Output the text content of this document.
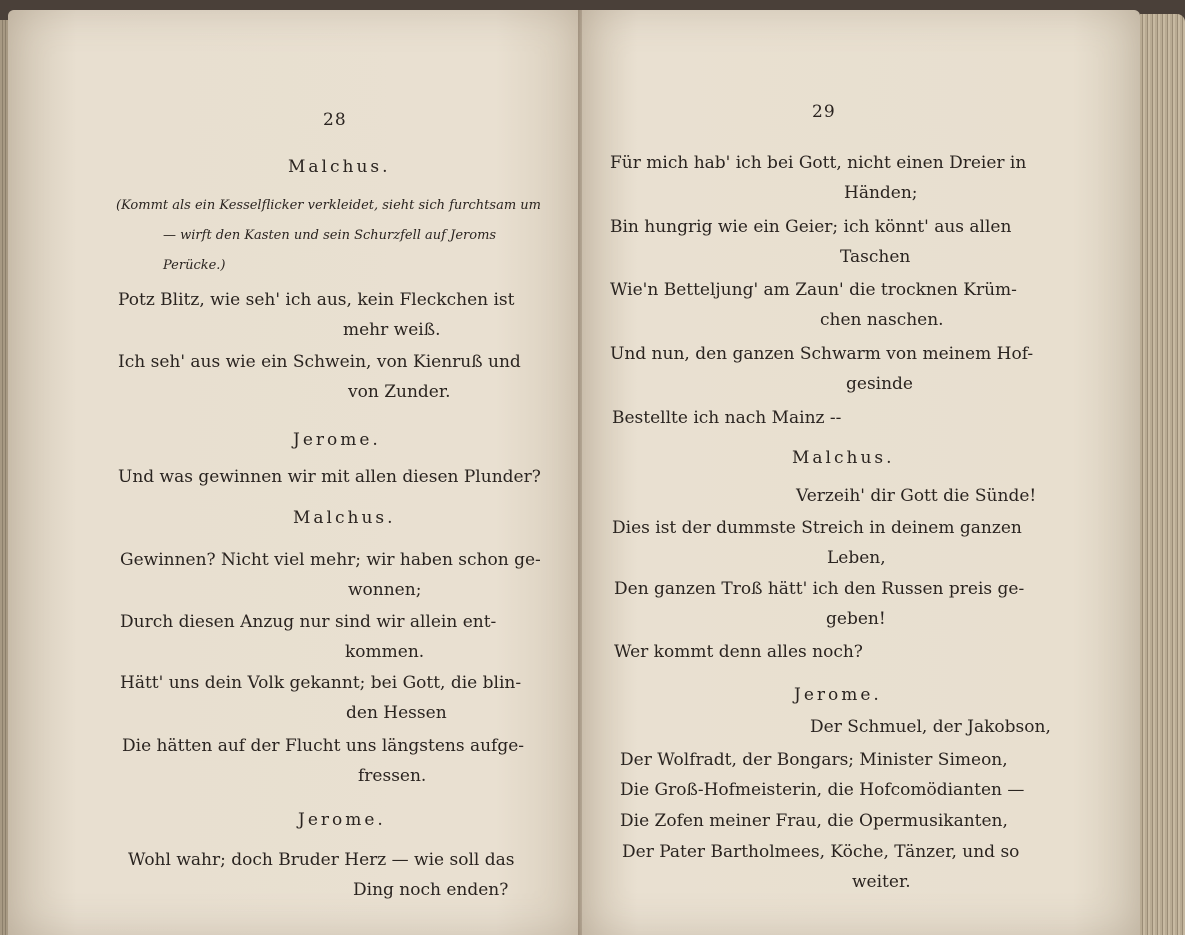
28
Malchus.
(Kommt als ein Kesselflicker verkleidet, sieht sich furchtsam um
— wirft den Kasten und sein Schurzfell auf Jeroms
Perücke.)
Potz Blitz, wie seh' ich aus, kein Fleckchen ist
mehr weiß.
Ich seh' aus wie ein Schwein, von Kienruß und
von Zunder.
Jerome.
Und was gewinnen wir mit allen diesen Plunder?
Malchus.
Gewinnen? Nicht viel mehr; wir haben schon ge-
wonnen;
Durch diesen Anzug nur sind wir allein ent-
kommen.
Hätt' uns dein Volk gekannt; bei Gott, die blin-
den Hessen
Die hätten auf der Flucht uns längstens aufge-
fressen.
Jerome.
Wohl wahr; doch Bruder Herz — wie soll das
Ding noch enden?
29
Für mich hab' ich bei Gott, nicht einen Dreier in
Händen;
Bin hungrig wie ein Geier; ich könnt' aus allen
Taschen
Wie'n Betteljung' am Zaun' die trocknen Krüm-
chen naschen.
Und nun, den ganzen Schwarm von meinem Hof-
gesinde
Bestellte ich nach Mainz --
Malchus.
Verzeih' dir Gott die Sünde!
Dies ist der dummste Streich in deinem ganzen
Leben,
Den ganzen Troß hätt' ich den Russen preis ge-
geben!
Wer kommt denn alles noch?
Jerome.
Der Schmuel, der Jakobson,
Der Wolfradt, der Bongars; Minister Simeon,
Die Groß-Hofmeisterin, die Hofcomödianten —
Die Zofen meiner Frau, die Opermusikanten,
Der Pater Bartholmees, Köche, Tänzer, und so
weiter.
